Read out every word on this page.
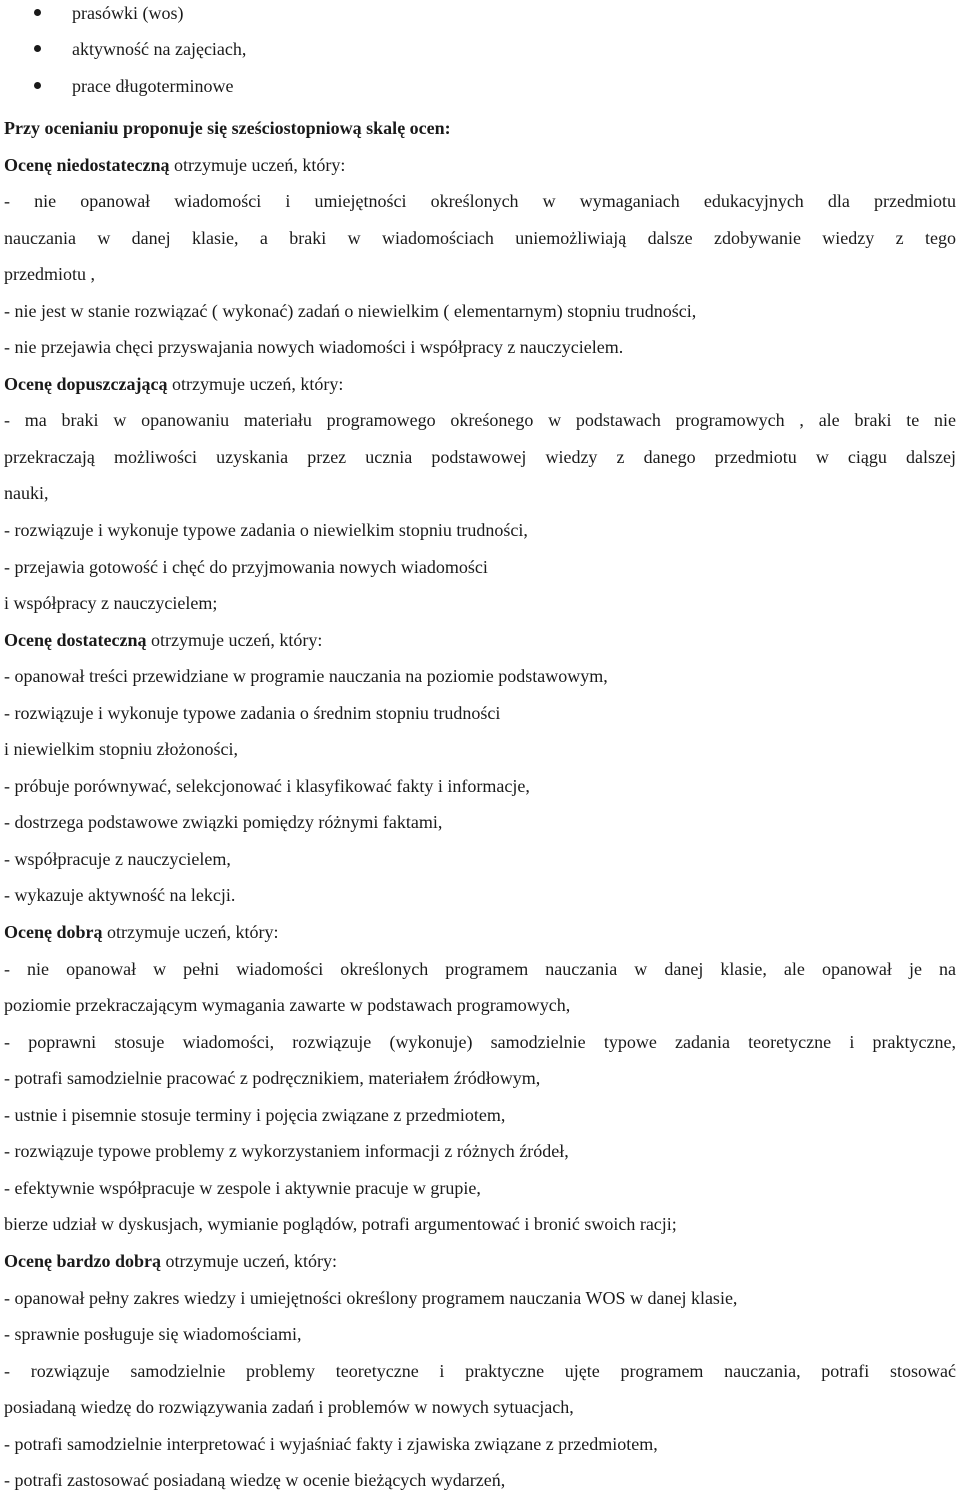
prasówki (wos)
aktywność na zajęciach,
prace długoterminowe
Przy ocenianiu proponuje się sześciostopniową skalę ocen:
Ocenę niedostateczną otrzymuje uczeń, który:
- nie opanował wiadomości i umiejętności określonych w wymaganiach edukacyjnych dla przedmiotu
nauczania w danej klasie, a braki w wiadomościach uniemożliwiają dalsze zdobywanie wiedzy z tego
przedmiotu ,
- nie jest w stanie rozwiązać ( wykonać) zadań o niewielkim ( elementarnym) stopniu trudności,
- nie przejawia chęci przyswajania nowych wiadomości i współpracy z nauczycielem.
Ocenę dopuszczającą otrzymuje uczeń, który:
- ma braki w opanowaniu materiału programowego okreśonego w podstawach programowych , ale braki te nie
przekraczają możliwości uzyskania przez ucznia podstawowej wiedzy z danego przedmiotu w ciągu dalszej
nauki,
- rozwiązuje i wykonuje typowe zadania o niewielkim stopniu trudności,
- przejawia gotowość i chęć do przyjmowania nowych wiadomości
i współpracy z nauczycielem;
Ocenę dostateczną otrzymuje uczeń, który:
- opanował treści przewidziane w programie nauczania na poziomie podstawowym,
- rozwiązuje i wykonuje typowe zadania o średnim stopniu trudności
i niewielkim stopniu złożoności,
- próbuje porównywać, selekcjonować i klasyfikować fakty i informacje,
- dostrzega podstawowe związki pomiędzy różnymi faktami,
- współpracuje z nauczycielem,
- wykazuje aktywność na lekcji.
Ocenę dobrą otrzymuje uczeń, który:
- nie opanował w pełni wiadomości określonych programem nauczania w danej klasie, ale opanował je na
poziomie przekraczającym wymagania zawarte w podstawach programowych,
- poprawni stosuje wiadomości, rozwiązuje (wykonuje) samodzielnie typowe zadania teoretyczne i praktyczne,
- potrafi samodzielnie pracować z podręcznikiem, materiałem źródłowym,
- ustnie i pisemnie stosuje terminy i pojęcia związane z przedmiotem,
- rozwiązuje typowe problemy z wykorzystaniem informacji z różnych źródeł,
- efektywnie współpracuje w zespole i aktywnie pracuje w grupie,
bierze udział w dyskusjach, wymianie poglądów, potrafi argumentować i bronić swoich racji;
Ocenę bardzo dobrą otrzymuje uczeń, który:
- opanował pełny zakres wiedzy i umiejętności określony programem nauczania WOS w danej klasie,
- sprawnie posługuje się wiadomościami,
- rozwiązuje samodzielnie problemy teoretyczne i praktyczne ujęte programem nauczania, potrafi stosować
posiadaną wiedzę do rozwiązywania zadań i problemów w nowych sytuacjach,
- potrafi samodzielnie interpretować i wyjaśniać fakty i zjawiska związane z przedmiotem,
- potrafi zastosować posiadaną wiedzę w ocenie bieżących wydarzeń,
